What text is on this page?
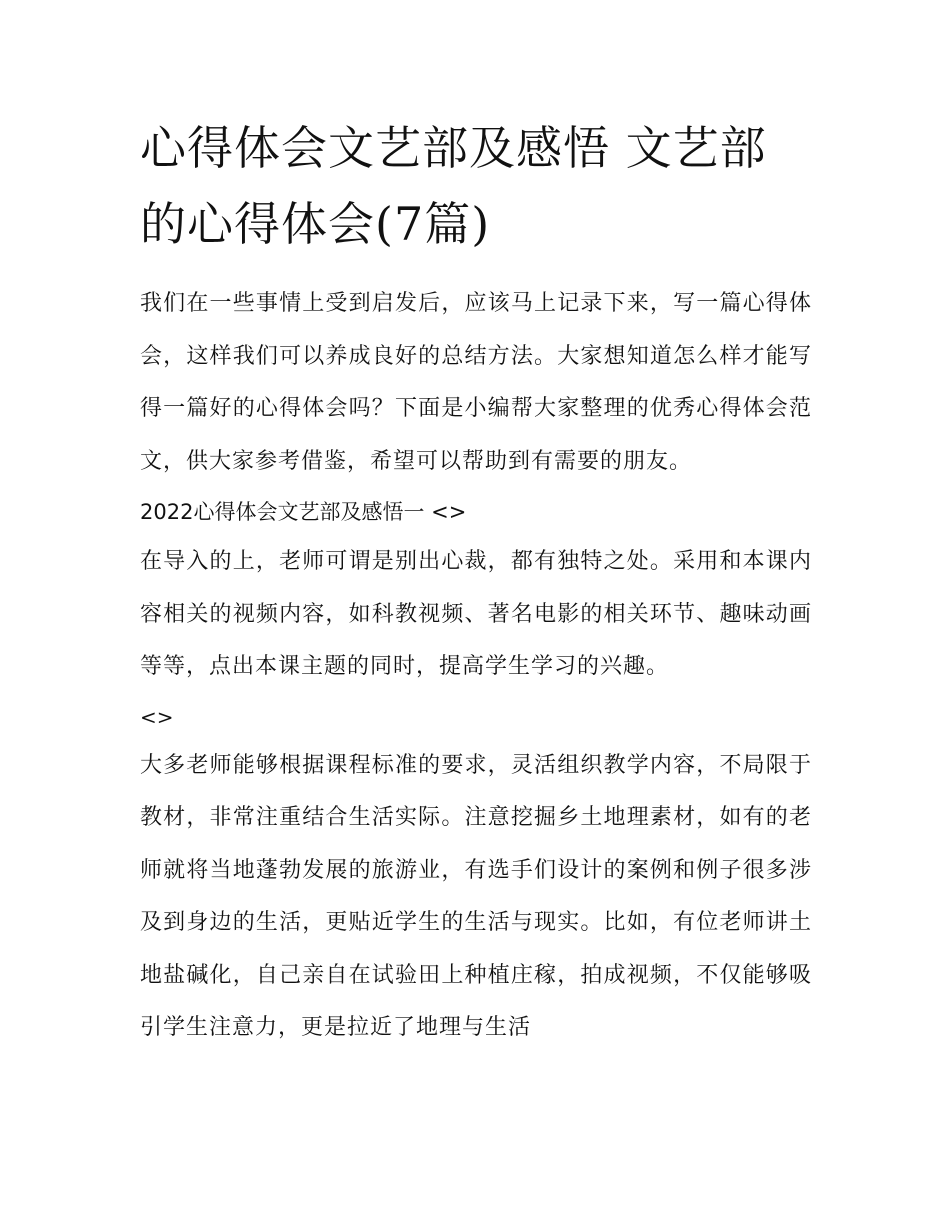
心得体会文艺部及感悟 文艺部的心得体会(7篇)

我们在一些事情上受到启发后，应该马上记录下来，写一篇心得体会，这样我们可以养成良好的总结方法。大家想知道怎么样才能写得一篇好的心得体会吗？下面是小编帮大家整理的优秀心得体会范文，供大家参考借鉴，希望可以帮助到有需要的朋友。

2022心得体会文艺部及感悟一 <>

在导入的上，老师可谓是别出心裁，都有独特之处。采用和本课内容相关的视频内容，如科教视频、著名电影的相关环节、趣味动画等等，点出本课主题的同时，提高学生学习的兴趣。

<>

大多老师能够根据课程标准的要求，灵活组织教学内容，不局限于教材，非常注重结合生活实际。注意挖掘乡土地理素材，如有的老师就将当地蓬勃发展的旅游业，有选手们设计的案例和例子很多涉及到身边的生活，更贴近学生的生活与现实。比如，有位老师讲土地盐碱化，自己亲自在试验田上种植庄稼，拍成视频，不仅能够吸引学生注意力，更是拉近了地理与生活
